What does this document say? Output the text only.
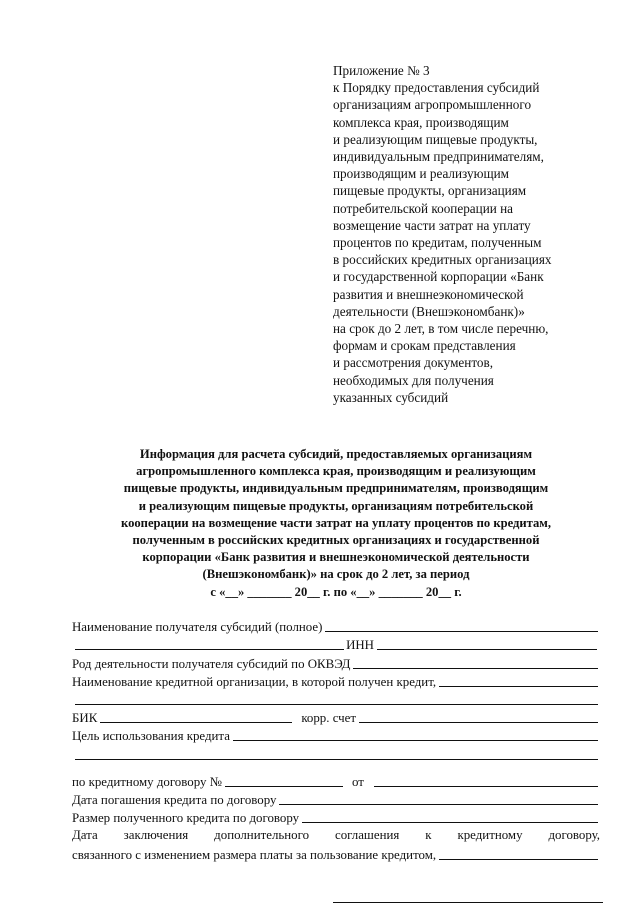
Приложение № 3
к Порядку предоставления субсидий
организациям агропромышленного
комплекса края, производящим
и реализующим пищевые продукты,
индивидуальным предпринимателям,
производящим и реализующим
пищевые продукты, организациям
потребительской кооперации на
возмещение части затрат на уплату
процентов по кредитам, полученным
в российских кредитных организациях
и государственной корпорации «Банк
развития и внешнеэкономической
деятельности (Внешэкономбанк)»
на срок до 2 лет, в том числе перечню,
формам и срокам представления
и рассмотрения документов,
необходимых для получения
указанных субсидий
Информация для расчета субсидий, предоставляемых организациям
агропромышленного комплекса края, производящим и реализующим
пищевые продукты, индивидуальным предпринимателям, производящим
и реализующим пищевые продукты, организациям потребительской
кооперации на возмещение части затрат на уплату процентов по кредитам,
полученным в российских кредитных организациях и государственной
корпорации «Банк развития и внешнеэкономической деятельности
(Внешэкономбанк)» на срок до 2 лет, за период
с «__» _______ 20__ г. по «__» _______ 20__ г.
Наименование получателя субсидий (полное)
ИНН
Род деятельности получателя субсидий по ОКВЭД
Наименование кредитной организации, в которой получен кредит,
БИК	корр. счет
Цель использования кредита
по кредитному договору №	от
Дата погашения кредита по договору
Размер полученного кредита по договору
Дата заключения дополнительного соглашения к кредитному договору,
связанного с изменением размера платы за пользование кредитом,
